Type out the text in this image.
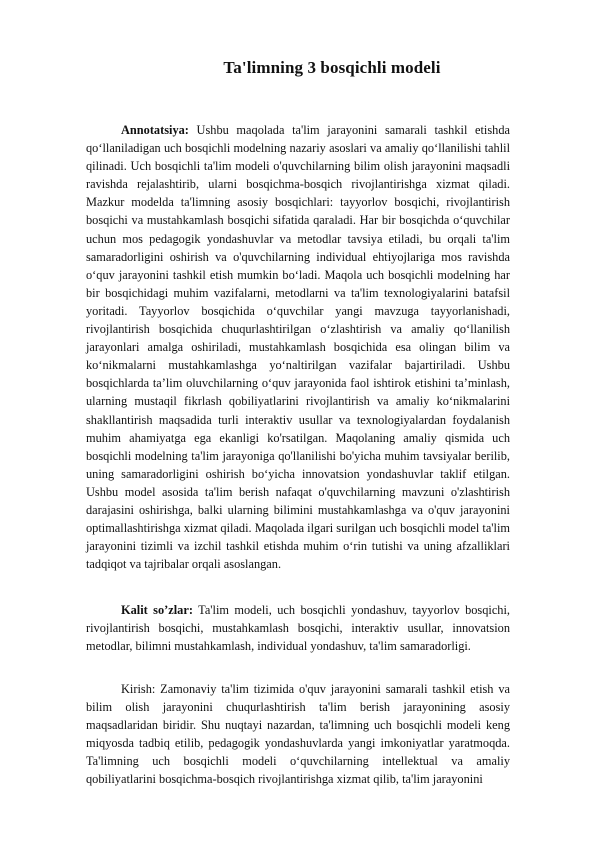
Ta'limning 3 bosqichli modeli

Annotatsiya: Ushbu maqolada ta'lim jarayonini samarali tashkil etishda qo‘llaniladigan uch bosqichli modelning nazariy asoslari va amaliy qo‘llanilishi tahlil qilinadi. Uch bosqichli ta'lim modeli o'quvchilarning bilim olish jarayonini maqsadli ravishda rejalashtirib, ularni bosqichma-bosqich rivojlantirishga xizmat qiladi. Mazkur modelda ta'limning asosiy bosqichlari: tayyorlov bosqichi, rivojlantirish bosqichi va mustahkamlash bosqichi sifatida qaraladi. Har bir bosqichda o‘quvchilar uchun mos pedagogik yondashuvlar va metodlar tavsiya etiladi, bu orqali ta'lim samaradorligini oshirish va o'quvchilarning individual ehtiyojlariga mos ravishda o‘quv jarayonini tashkil etish mumkin bo‘ladi. Maqola uch bosqichli modelning har bir bosqichidagi muhim vazifalarni, metodlarni va ta'lim texnologiyalarini batafsil yoritadi. Tayyorlov bosqichida o‘quvchilar yangi mavzuga tayyorlanishadi, rivojlantirish bosqichida chuqurlashtirilgan o‘zlashtirish va amaliy qo‘llanilish jarayonlari amalga oshiriladi, mustahkamlash bosqichida esa olingan bilim va ko‘nikmalarni mustahkamlashga yo‘naltirilgan vazifalar bajartiriladi. Ushbu bosqichlarda ta’lim oluvchilarning o‘quv jarayonida faol ishtirok etishini ta’minlash, ularning mustaqil fikrlash qobiliyatlarini rivojlantirish va amaliy ko‘nikmalarini shakllantirish maqsadida turli interaktiv usullar va texnologiyalardan foydalanish muhim ahamiyatga ega ekanligi ko'rsatilgan. Maqolaning amaliy qismida uch bosqichli modelning ta'lim jarayoniga qo'llanilishi bo'yicha muhim tavsiyalar berilib, uning samaradorligini oshirish bo‘yicha innovatsion yondashuvlar taklif etilgan. Ushbu model asosida ta'lim berish nafaqat o'quvchilarning mavzuni o'zlashtirish darajasini oshirishga, balki ularning bilimini mustahkamlashga va o'quv jarayonini optimallashtirishga xizmat qiladi. Maqolada ilgari surilgan uch bosqichli model ta'lim jarayonini tizimli va izchil tashkil etishda muhim o‘rin tutishi va uning afzalliklari tadqiqot va tajribalar orqali asoslangan.

Kalit so’zlar: Ta'lim modeli, uch bosqichli yondashuv, tayyorlov bosqichi, rivojlantirish bosqichi, mustahkamlash bosqichi, interaktiv usullar, innovatsion metodlar, bilimni mustahkamlash, individual yondashuv, ta'lim samaradorligi.

Kirish: Zamonaviy ta'lim tizimida o'quv jarayonini samarali tashkil etish va bilim olish jarayonini chuqurlashtirish ta'lim berish jarayonining asosiy maqsadlaridan biridir. Shu nuqtayi nazardan, ta'limning uch bosqichli modeli keng miqyosda tadbiq etilib, pedagogik yondashuvlarda yangi imkoniyatlar yaratmoqda. Ta'limning uch bosqichli modeli o‘quvchilarning intellektual va amaliy qobiliyatlarini bosqichma-bosqich rivojlantirishga xizmat qilib, ta'lim jarayonini
